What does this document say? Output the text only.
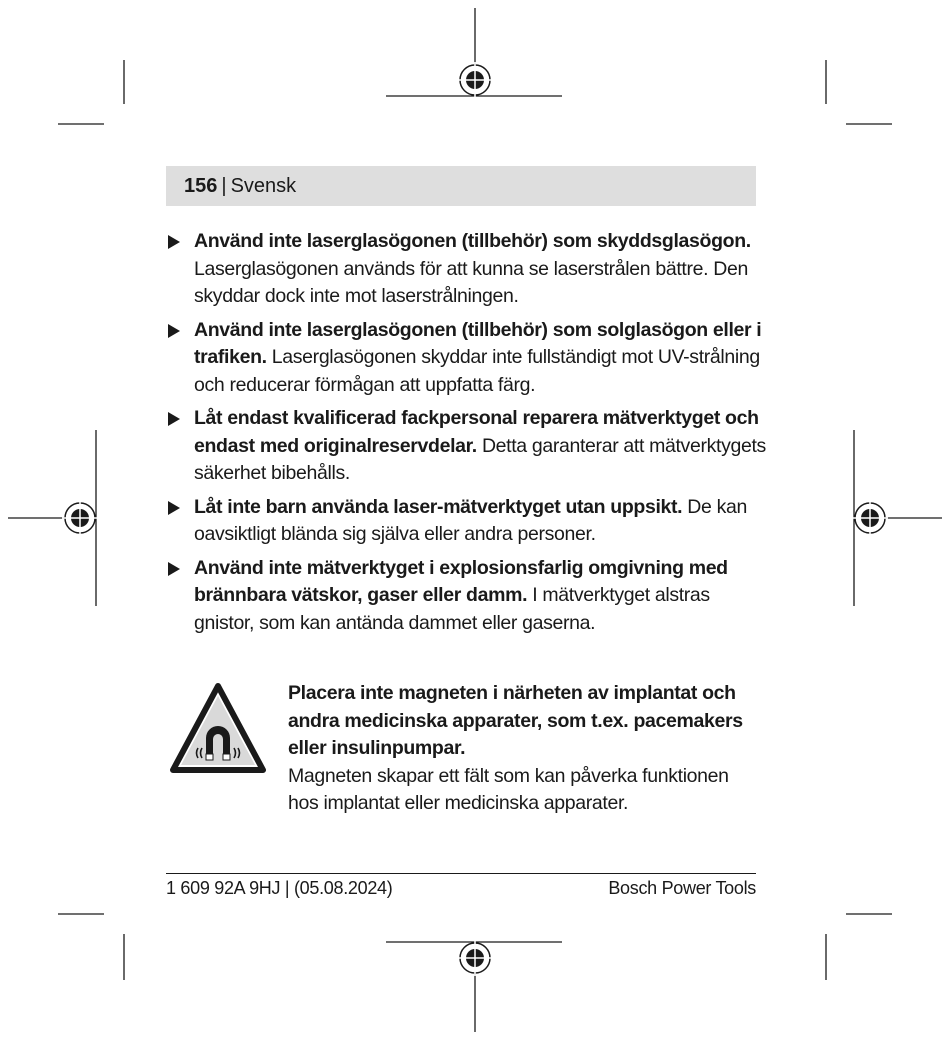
156 | Svensk
Använd inte laserglasögonen (tillbehör) som skyddsglasögon. Laserglasögonen används för att kunna se laserstrålen bättre. Den skyddar dock inte mot laserstrålningen.
Använd inte laserglasögonen (tillbehör) som solglasögon eller i trafiken. Laserglasögonen skyddar inte fullständigt mot UV-strålning och reducerar förmågan att uppfatta färg.
Låt endast kvalificerad fackpersonal reparera mätverktyget och endast med originalreservdelar. Detta garanterar att mätverktygets säkerhet bibehålls.
Låt inte barn använda laser-mätverktyget utan uppsikt. De kan oavsiktligt blända sig själva eller andra personer.
Använd inte mätverktyget i explosionsfarlig omgivning med brännbara vätskor, gaser eller damm. I mätverktyget alstras gnistor, som kan antända dammet eller gaserna.
Placera inte magneten i närheten av implantat och andra medicinska apparater, som t.ex. pacemakers eller insulinpumpar.
Magneten skapar ett fält som kan påverka funktionen hos implantat eller medicinska apparater.
1 609 92A 9HJ | (05.08.2024)	Bosch Power Tools
